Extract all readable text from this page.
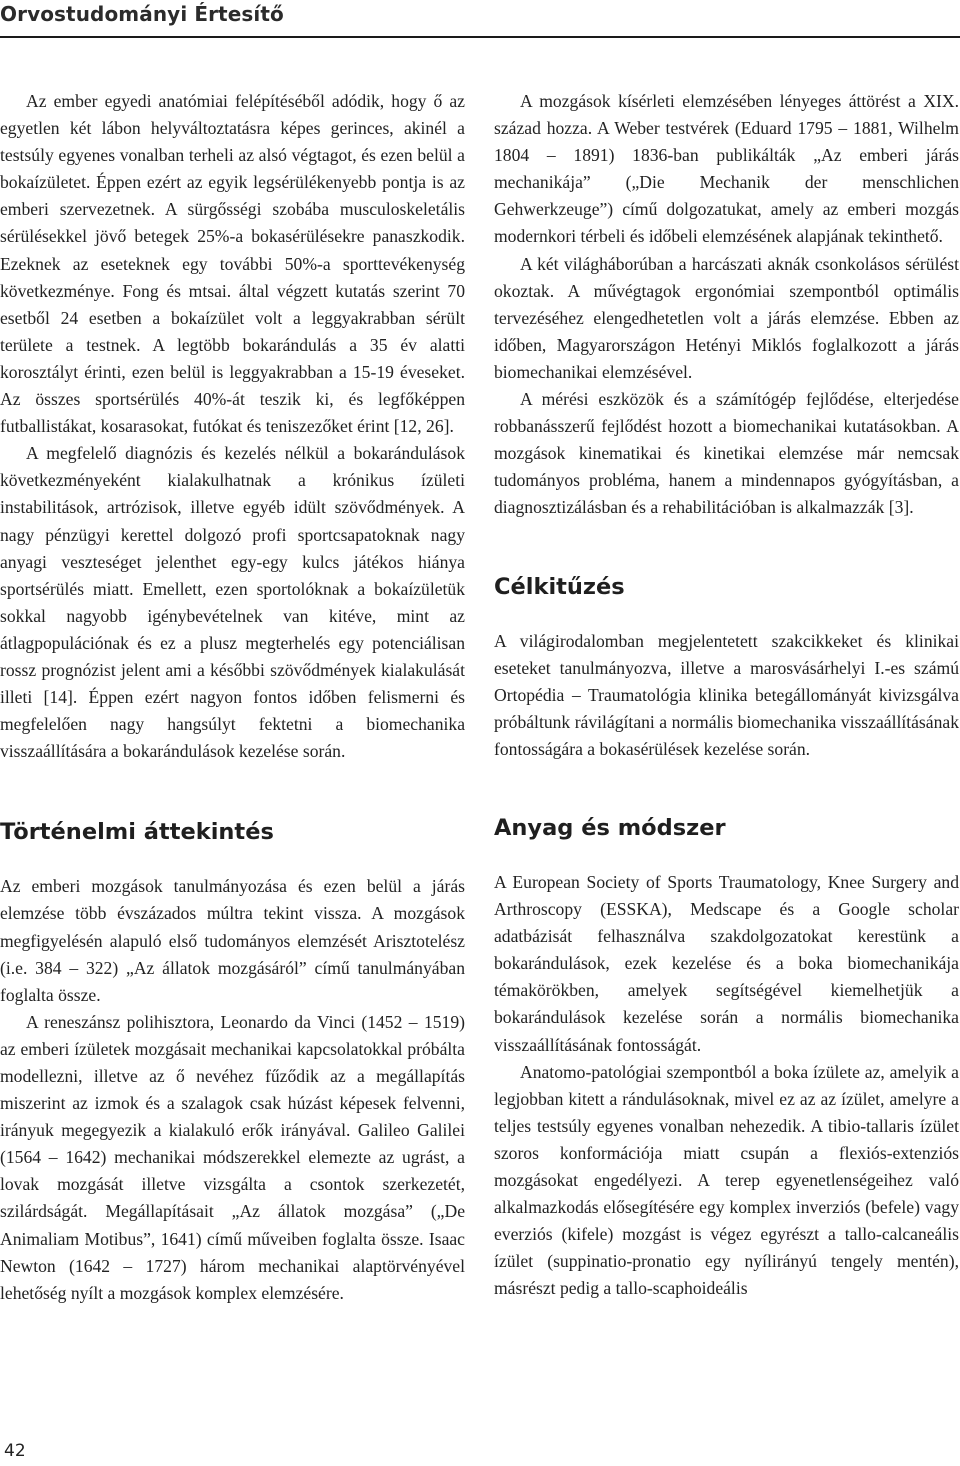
Orvostudományi Értesítő

Az ember egyedi anatómiai felépítéséből adódik, hogy ő az egyetlen két lábon helyváltoztatásra képes gerinces, akinél a testsúly egyenes vonalban terheli az alsó végtagot, és ezen belül a bokaízületet. Éppen ezért az egyik legsérülékenyebb pontja is az emberi szervezetnek. A sürgősségi szobába musculoskeletális sérülésekkel jövő betegek 25%-a bokasérülésekre panaszkodik. Ezeknek az eseteknek egy további 50%-a sporttevékenység következménye. Fong és mtsai. által végzett kutatás szerint 70 esetből 24 esetben a bokaízület volt a leggyakrabban sérült területe a testnek. A legtöbb bokarándulás a 35 év alatti korosztályt érinti, ezen belül is leggyakrabban a 15-19 éveseket. Az összes sportsérülés 40%-át teszik ki, és legfőképpen futballistákat, kosarasokat, futókat és teniszezőket érint [12, 26].

A megfelelő diagnózis és kezelés nélkül a bokarándulások következményeként kialakulhatnak a krónikus ízületi instabilitások, artrózisok, illetve egyéb idült szövődmények. A nagy pénzügyi kerettel dolgozó profi sportcsapatoknak nagy anyagi veszteséget jelenthet egy-egy kulcs játékos hiánya sportsérülés miatt. Emellett, ezen sportolóknak a bokaízületük sokkal nagyobb igénybevételnek van kitéve, mint az átlagpopulációnak és ez a plusz megterhelés egy potenciálisan rossz prognózist jelent ami a későbbi szövődmények kialakulását illeti [14]. Éppen ezért nagyon fontos időben felismerni és megfelelően nagy hangsúlyt fektetni a biomechanika visszaállítására a bokarándulások kezelése során.

Történelmi áttekintés

Az emberi mozgások tanulmányozása és ezen belül a járás elemzése több évszázados múltra tekint vissza. A mozgások megfigyelésén alapuló első tudományos elemzését Arisztotelész (i.e. 384 – 322) „Az állatok mozgásáról” című tanulmányában foglalta össze.

A reneszánsz polihisztora, Leonardo da Vinci (1452 – 1519) az emberi ízületek mozgásait mechanikai kapcsolatokkal próbálta modellezni, illetve az ő nevéhez fűződik az a megállapítás miszerint az izmok és a szalagok csak húzást képesek felvenni, irányuk megegyezik a kialakuló erők irányával. Galileo Galilei (1564 – 1642) mechanikai módszerekkel elemezte az ugrást, a lovak mozgását illetve vizsgálta a csontok szerkezetét, szilárdságát. Megállapításait „Az állatok mozgása” („De Animaliam Motibus”, 1641) című műveiben foglalta össze. Isaac Newton (1642 – 1727) három mechanikai alaptörvényével lehetőség nyílt a mozgások komplex elemzésére.

A mozgások kísérleti elemzésében lényeges áttörést a XIX. század hozza. A Weber testvérek (Eduard 1795 – 1881, Wilhelm 1804 – 1891) 1836-ban publikálták „Az emberi járás mechanikája” („Die Mechanik der menschlichen Gehwerkzeuge”) című dolgozatukat, amely az emberi mozgás modernkori térbeli és időbeli elemzésének alapjának tekinthető.

A két világháborúban a harcászati aknák csonkolásos sérülést okoztak. A művégtagok ergonómiai szempontból optimális tervezéséhez elengedhetetlen volt a járás elemzése. Ebben az időben, Magyarországon Hetényi Miklós foglalkozott a járás biomechanikai elemzésével.

A mérési eszközök és a számítógép fejlődése, elterjedése robbanásszerű fejlődést hozott a biomechanikai kutatásokban. A mozgások kinematikai és kinetikai elemzése már nemcsak tudományos probléma, hanem a mindennapos gyógyításban, a diagnosztizálásban és a rehabilitációban is alkalmazzák [3].

Célkitűzés

A világirodalomban megjelentetett szakcikkeket és klinikai eseteket tanulmányozva, illetve a marosvásárhelyi I.-es számú Ortopédia – Traumatológia klinika betegállományát kivizsgálva próbáltunk rávilágítani a normális biomechanika visszaállításának fontosságára a bokasérülések kezelése során.

Anyag és módszer

A European Society of Sports Traumatology, Knee Surgery and Arthroscopy (ESSKA), Medscape és a Google scholar adatbázisát felhasználva szakdolgozatokat kerestünk a bokarándulások, ezek kezelése és a boka biomechanikája témakörökben, amelyek segítségével kiemelhetjük a bokarándulások kezelése során a normális biomechanika visszaállításának fontosságát.

Anatomo-patológiai szempontból a boka ízülete az, amelyik a legjobban kitett a rándulásoknak, mivel ez az az ízület, amelyre a teljes testsúly egyenes vonalban nehezedik. A tibio-tallaris ízület szoros konformációja miatt csupán a flexiós-extenziós mozgásokat engedélyezi. A terep egyenetlenségeihez való alkalmazkodás elősegítésére egy komplex inverziós (befele) vagy everziós (kifele) mozgást is végez egyrészt a tallo-calcaneális ízület (suppinatio-pronatio egy nyílirányú tengely mentén), másrészt pedig a tallo-scaphoideális

42
